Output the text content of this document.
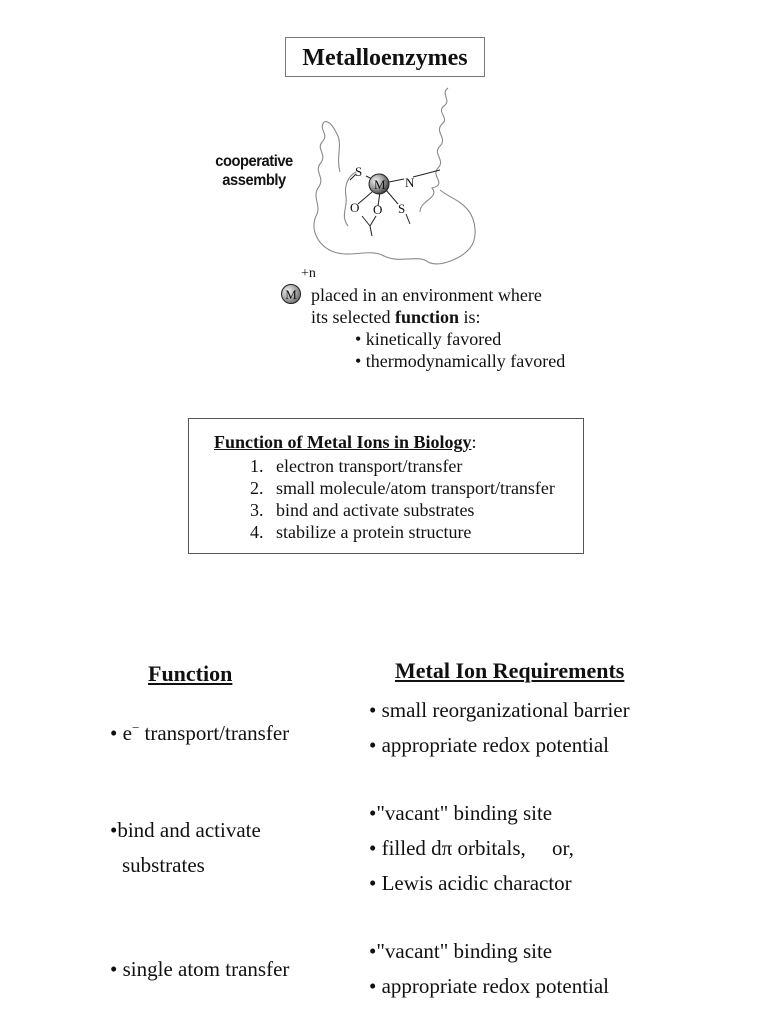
Metalloenzymes
cooperative
assembly	M
S
N
O O S
+n
M placed in an environment where
its selected function is:
• kinetically favored
• thermodynamically favored
Function of Metal Ions in Biology:
1. electron transport/transfer
2. small molecule/atom transport/transfer
3. bind and activate substrates
4. stabilize a protein structure
Function	Metal Ion Requirements
• e− transport/transfer
• small reorganizational barrier
• appropriate redox potential
•bind and activate
substrates
•"vacant" binding site
• filled dπ orbitals,     or,
• Lewis acidic charactor
• single atom transfer
•"vacant" binding site
• appropriate redox potential
